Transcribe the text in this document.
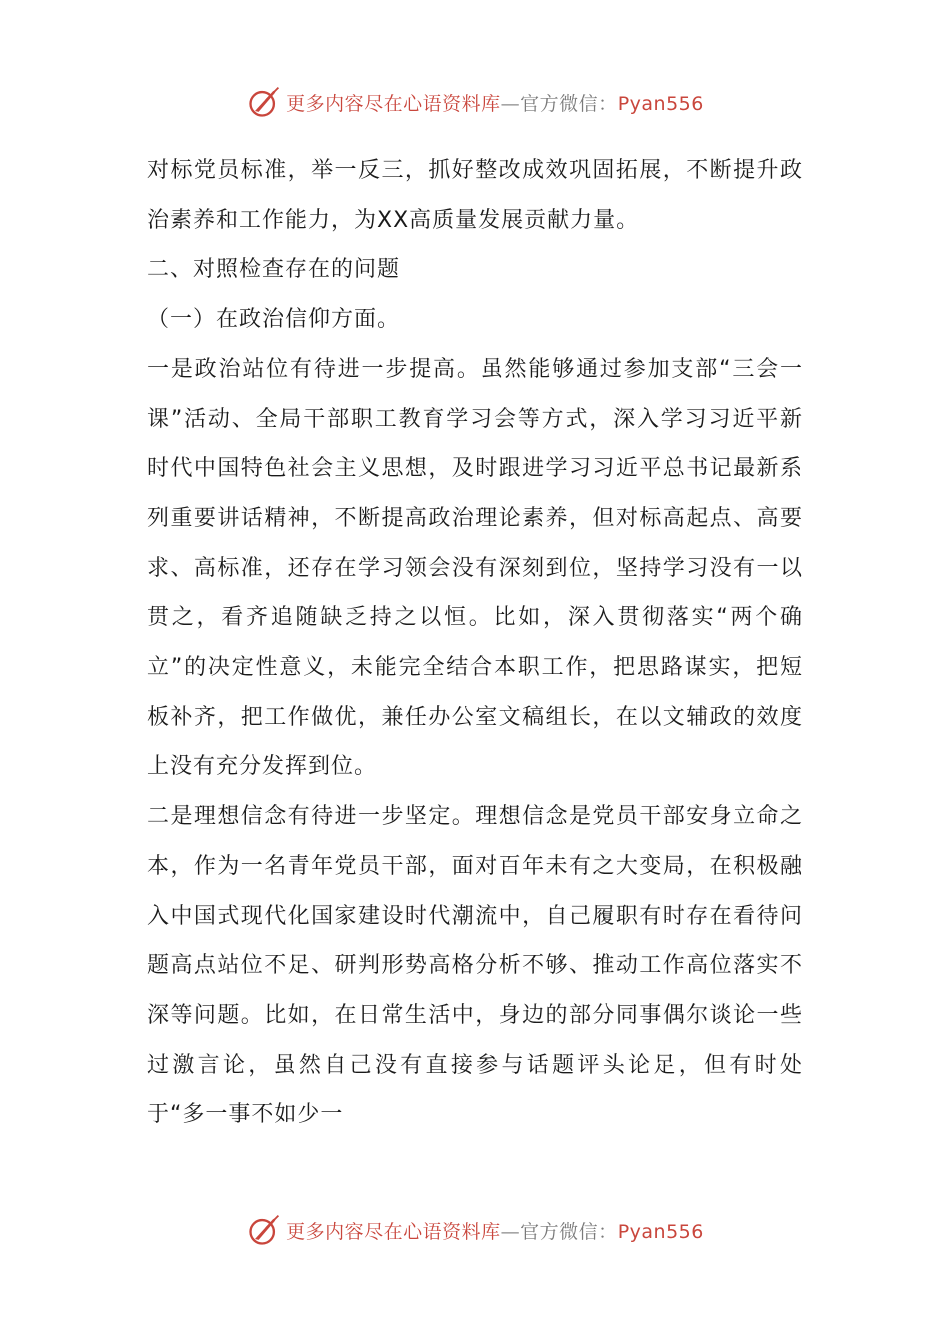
更多内容尽在心语资料库—官方微信：Pyan556

对标党员标准，举一反三，抓好整改成效巩固拓展，不断提升政治素养和工作能力，为XX高质量发展贡献力量。

二、对照检查存在的问题

（一）在政治信仰方面。

一是政治站位有待进一步提高。虽然能够通过参加支部“三会一课”活动、全局干部职工教育学习会等方式，深入学习习近平新时代中国特色社会主义思想，及时跟进学习习近平总书记最新系列重要讲话精神，不断提高政治理论素养，但对标高起点、高要求、高标准，还存在学习领会没有深刻到位，坚持学习没有一以贯之，看齐追随缺乏持之以恒。比如，深入贯彻落实“两个确立”的决定性意义，未能完全结合本职工作，把思路谋实，把短板补齐，把工作做优，兼任办公室文稿组长，在以文辅政的效度上没有充分发挥到位。

二是理想信念有待进一步坚定。理想信念是党员干部安身立命之本，作为一名青年党员干部，面对百年未有之大变局，在积极融入中国式现代化国家建设时代潮流中，自己履职有时存在看待问题高点站位不足、研判形势高格分析不够、推动工作高位落实不深等问题。比如，在日常生活中，身边的部分同事偶尔谈论一些过激言论，虽然自己没有直接参与话题评头论足，但有时处于“多一事不如少一

更多内容尽在心语资料库—官方微信：Pyan556
